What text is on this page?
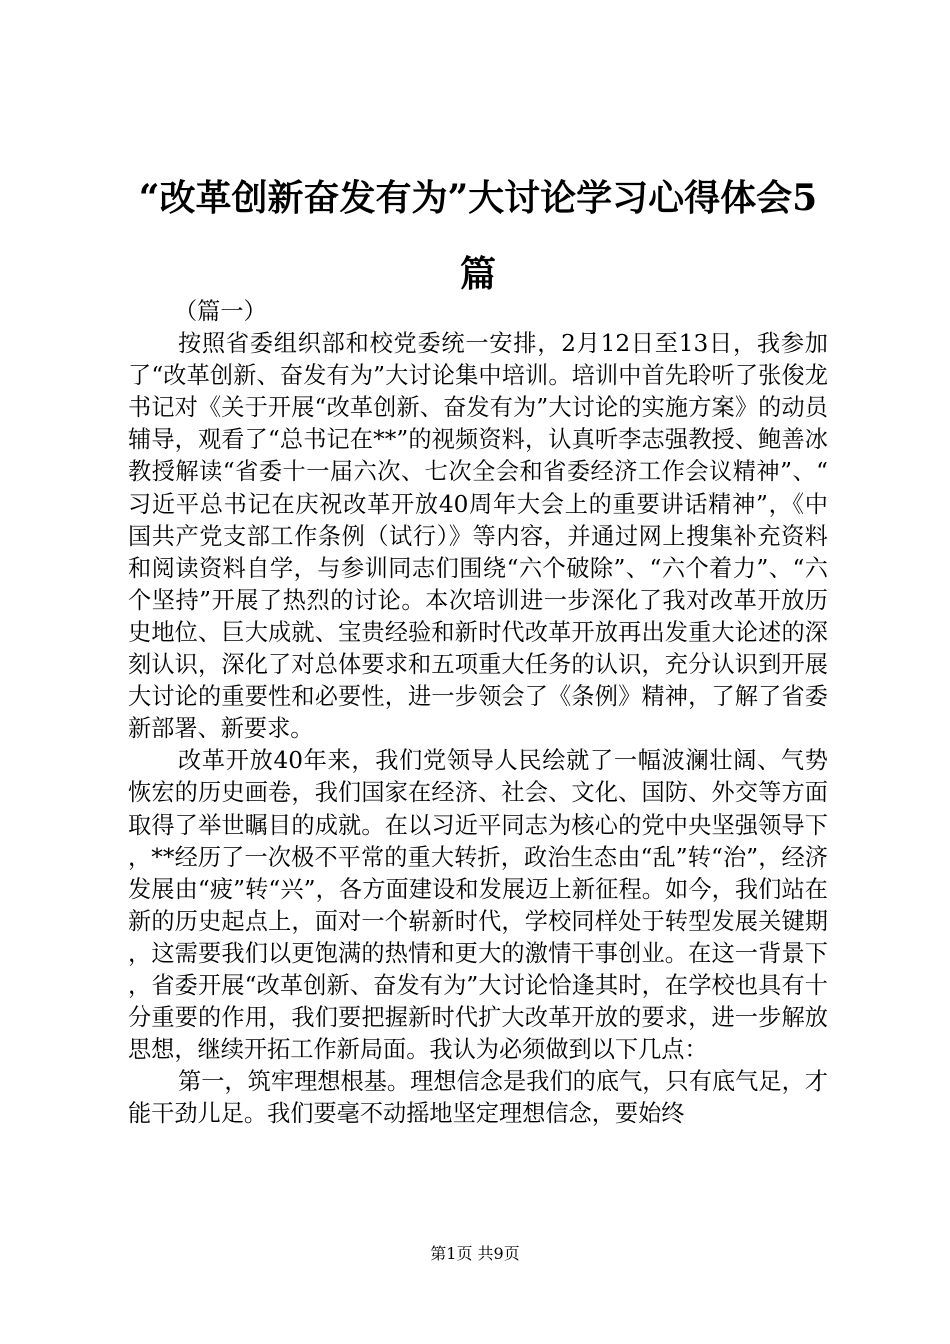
“改革创新奋发有为”大讨论学习心得体会5篇

（篇一）

按照省委组织部和校党委统一安排，2月12日至13日，我参加了“改革创新、奋发有为”大讨论集中培训。培训中首先聆听了张俊龙书记对《关于开展“改革创新、奋发有为”大讨论的实施方案》的动员辅导，观看了“总书记在**”的视频资料，认真听李志强教授、鲍善冰教授解读“省委十一届六次、七次全会和省委经济工作会议精神”、“习近平总书记在庆祝改革开放40周年大会上的重要讲话精神”，《中国共产党支部工作条例（试行）》等内容，并通过网上搜集补充资料和阅读资料自学，与参训同志们围绕“六个破除”、“六个着力”、“六个坚持”开展了热烈的讨论。本次培训进一步深化了我对改革开放历史地位、巨大成就、宝贵经验和新时代改革开放再出发重大论述的深刻认识，深化了对总体要求和五项重大任务的认识，充分认识到开展大讨论的重要性和必要性，进一步领会了《条例》精神，了解了省委新部署、新要求。

改革开放40年来，我们党领导人民绘就了一幅波澜壮阔、气势恢宏的历史画卷，我们国家在经济、社会、文化、国防、外交等方面取得了举世瞩目的成就。在以习近平同志为核心的党中央坚强领导下，**经历了一次极不平常的重大转折，政治生态由“乱”转“治”，经济发展由“疲”转“兴”，各方面建设和发展迈上新征程。如今，我们站在新的历史起点上，面对一个崭新时代，学校同样处于转型发展关键期，这需要我们以更饱满的热情和更大的激情干事创业。在这一背景下，省委开展“改革创新、奋发有为”大讨论恰逢其时，在学校也具有十分重要的作用，我们要把握新时代扩大改革开放的要求，进一步解放思想，继续开拓工作新局面。我认为必须做到以下几点：

第一，筑牢理想根基。理想信念是我们的底气，只有底气足，才能干劲儿足。我们要毫不动摇地坚定理想信念，要始终

第1页 共9页
